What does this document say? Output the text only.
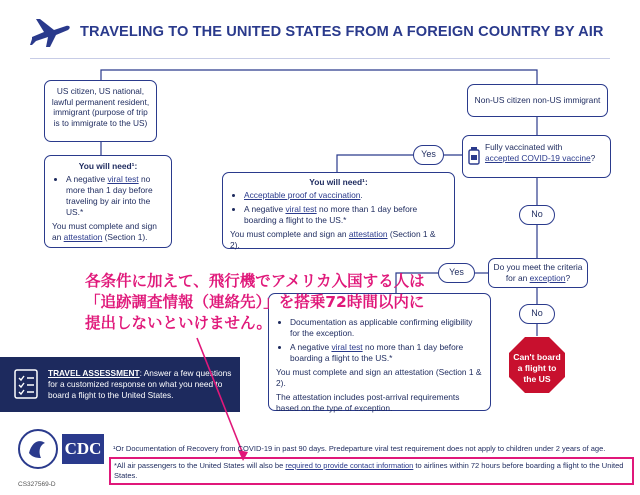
TRAVELING TO THE UNITED STATES FROM A FOREIGN COUNTRY BY AIR
US citizen, US national, lawful permanent resident, immigrant (purpose of trip is to immigrate to the US)
You will need¹:
• A negative viral test no more than 1 day before traveling by air into the US.*
You must complete and sign an attestation (Section 1).
Non-US citizen non-US immigrant
Yes
Fully vaccinated with
accepted COVID-19 vaccine?
You will need¹:
• Acceptable proof of vaccination.
• A negative viral test no more than 1 day before boarding a flight to the US.*
You must complete and sign an attestation (Section 1 & 2).
No
Do you meet the criteria
for an exception?
Yes
No
• Documentation as applicable confirming eligibility for the exception.
• A negative viral test no more than 1 day before boarding a flight to the US.*
You must complete and sign an attestation (Section 1 & 2).
The attestation includes post-arrival requirements based on the type of exception.
Can't board a flight to the US
TRAVEL ASSESSMENT: Answer a few questions for a customized response on what you need to board a flight to the United States.
各条件に加えて、飛行機でアメリカ入国する人は
「追跡調査情報（連絡先）」を搭乗72時間以内に
提出しないといけません。
CDC	¹Or Documentation of Recovery from COVID-19 in past 90 days. Predeparture viral test requirement does not apply to children under 2 years of age.
*All air passengers to the United States will also be required to provide contact information to airlines within 72 hours before boarding a flight to the United States.
CS327569-D
